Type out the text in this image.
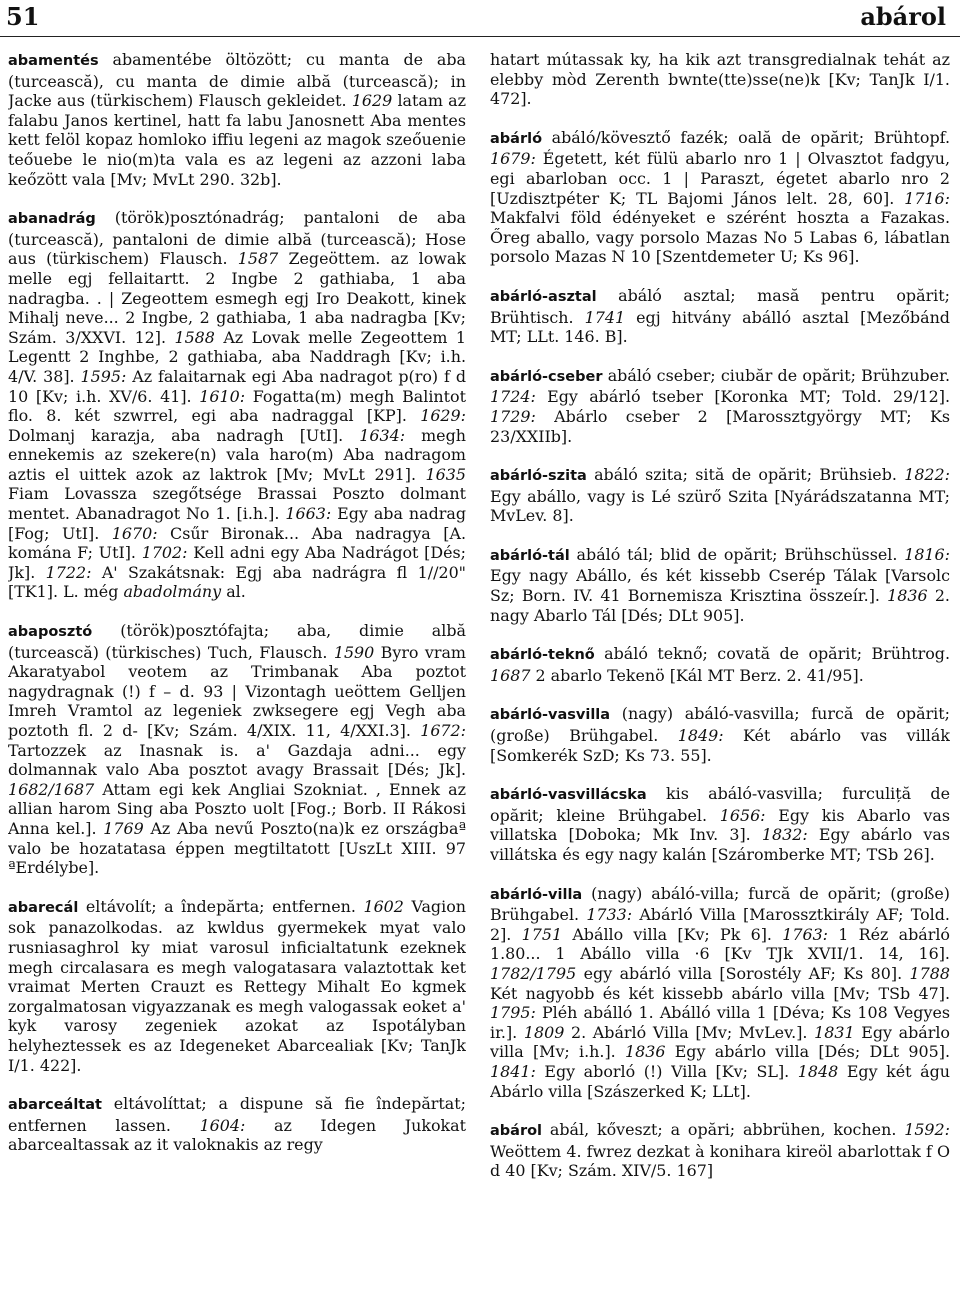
51	abárol

abamentés abamentébe öltözött; cu manta de aba (turcească), cu manta de dimie albă (turcească); in Jacke aus (türkischem) Flausch gekleidet. 1629 latam az falabu Janos kertinel, hatt fa labu Janosnett Aba mentes kett felöl kopaz homloko iffiu legeni az magok szeőuenie teőuebe le nio(m)ta vala es az legeni az azzoni laba keőzött vala [Mv; MvLt 290. 32b].

abanadrág (török)posztónadrág; pantaloni de aba (turcească), pantaloni de dimie albă (turcească); Hose aus (türkischem) Flausch. 1587 Zegeöttem. az lowak melle egj fellaitartt. 2 Ingbe 2 gathiaba, 1 aba nadragba. . | Zegeottem esmegh egj Iro Deakott, kinek Mihalj neve... 2 Ingbe, 2 gathiaba, 1 aba nadragba [Kv; Szám. 3/XXVI. 12]. 1588 Az Lovak melle Zegeottem 1 Legentt 2 Inghbe, 2 gathiaba, aba Naddragh [Kv; i.h. 4/V. 38]. 1595: Az falaitarnak egi Aba nadragot p(ro) f d 10 [Kv; i.h. XV/6. 41]. 1610: Fogatta(m) megh Balintot flo. 8. két szwrrel, egi aba nadraggal [KP]. 1629: Dolmanj karazja, aba nadragh [UtI]. 1634: megh ennekemis az szekere(n) vala haro(m) Aba nadragom aztis el uittek azok az laktrok [Mv; MvLt 291]. 1635 Fiam Lovassza szegőtsége Brassai Poszto dolmant mentet. Abanadragot No 1. [i.h.]. 1663: Egy aba nadrag [Fog; UtI]. 1670: Csűr Bironak... Aba nadragya [A. komána F; UtI]. 1702: Kell adni egy Aba Nadrágot [Dés; Jk]. 1722: A' Szakátsnak: Egj aba nadrágra fl 1//20" [TK1]. L. még abadolmány al.

abaposztó (török)posztófajta; aba, dimie albă (turcească) (türkisches) Tuch, Flausch. 1590 Byro vram Akaratyabol veotem az Trimbanak Aba poztot nagydragnak (!) f – d. 93 | Vizontagh ueöttem Gelljen Imreh Vramtol az legeniek zwksegere egj Vegh aba poztoth fl. 2 d- [Kv; Szám. 4/XIX. 11, 4/XXI.3]. 1672: Tartozzek az Inasnak is. a' Gazdaja adni... egy dolmannak valo Aba posztot avagy Brassait [Dés; Jk]. 1682/1687 Attam egi kek Angliai Szokniat. , Ennek az allian harom Sing aba Poszto uolt [Fog.; Borb. II Rákosi Anna kel.]. 1769 Az Aba nevű Poszto(na)k ez országbaª valo be hozatatasa éppen megtiltatott [UszLt XIII. 97 ªErdélybe].

abarecál eltávolít; a îndepărta; entfernen. 1602 Vagion sok panazolkodas. az kwldus gyermekek myat valo rusniasaghrol ky miat varosul inficialtatunk ezeknek megh circalasara es megh valogatasara valaztottak ket vraimat Merten Crauzt es Rettegy Mihalt Eo kgmek zorgalmatosan vigyazzanak es megh valogassak eoket a' kyk varosy zegeniek azokat az Ispotályban helyheztessek es az Idegeneket Abarcealiak [Kv; TanJk I/1. 422].

abarceáltat eltávolíttat; a dispune să fie îndepărtat; entfernen lassen. 1604: az Idegen Jukokat abarcealtassak az it valoknakis az regy

hatart mútassak ky, ha kik azt transgredialnak tehát az elebby mòd Zerenth bwnte(tte)sse(ne)k [Kv; TanJk I/1. 472].

abárló abáló/kövesztő fazék; oală de opărit; Brühtopf. 1679: Égetett, két fülü abarlo nro 1 | Olvasztot fadgyu, egi abarloban occ. 1 | Paraszt, égetet abarlo nro 2 [Uzdisztpéter K; TL Bajomi János lelt. 28, 60]. 1716: Makfalvi föld édényeket e szérént hoszta a Fazakas. Őreg aballo, vagy porsolo Mazas No 5 Labas 6, lábatlan porsolo Mazas N 10 [Szentdemeter U; Ks 96].

abárló-asztal abáló asztal; masă pentru opărit; Brühtisch. 1741 egj hitvány abálló asztal [Mezőbánd MT; LLt. 146. B].

abárló-cseber abáló cseber; ciubăr de opărit; Brühzuber. 1724: Egy abárló tseber [Koronka MT; Told. 29/12]. 1729: Abárlo cseber 2 [Marossztgyörgy MT; Ks 23/XXIIb].

abárló-szita abáló szita; sită de opărit; Brühsieb. 1822: Egy abállo, vagy is Lé szürő Szita [Nyárádszatanna MT; MvLev. 8].

abárló-tál abáló tál; blid de opărit; Brühschüssel. 1816: Egy nagy Abállo, és két kissebb Cserép Tálak [Varsolc Sz; Born. IV. 41 Bornemisza Krisztina összeír.]. 1836 2. nagy Abarlo Tál [Dés; DLt 905].

abárló-teknő abáló teknő; covată de opărit; Brühtrog. 1687 2 abarlo Tekenö [Kál MT Berz. 2. 41/95].

abárló-vasvilla (nagy) abáló-vasvilla; furcă de opărit; (große) Brühgabel. 1849: Két abárlo vas villák [Somkerék SzD; Ks 73. 55].

abárló-vasvillácska kis abáló-vasvilla; furculiță de opărit; kleine Brühgabel. 1656: Egy kis Abarlo vas villatska [Doboka; Mk Inv. 3]. 1832: Egy abárlo vas villátska és egy nagy kalán [Száromberke MT; TSb 26].

abárló-villa (nagy) abáló-villa; furcă de opărit; (große) Brühgabel. 1733: Abárló Villa [Marossztkirály AF; Told. 2]. 1751 Abállo villa [Kv; Pk 6]. 1763: 1 Réz abárló 1.80... 1 Abállo villa ·6 [Kv TJk XVII/1. 14, 16]. 1782/1795 egy abárló villa [Sorostély AF; Ks 80]. 1788 Két nagyobb és két kissebb abárlo villa [Mv; TSb 47]. 1795: Pléh abálló 1. Abálló villa 1 [Déva; Ks 108 Vegyes ir.]. 1809 2. Abárló Villa [Mv; MvLev.]. 1831 Egy abárlo villa [Mv; i.h.]. 1836 Egy abárlo villa [Dés; DLt 905]. 1841: Egy aborló (!) Villa [Kv; SL]. 1848 Egy két águ Abárlo villa [Szászerked K; LLt].

abárol abál, kőveszt; a opări; abbrühen, kochen. 1592: Weöttem 4. fwrez dezkat à konihara kireöl abarlottak f O d 40 [Kv; Szám. XIV/5. 167]
